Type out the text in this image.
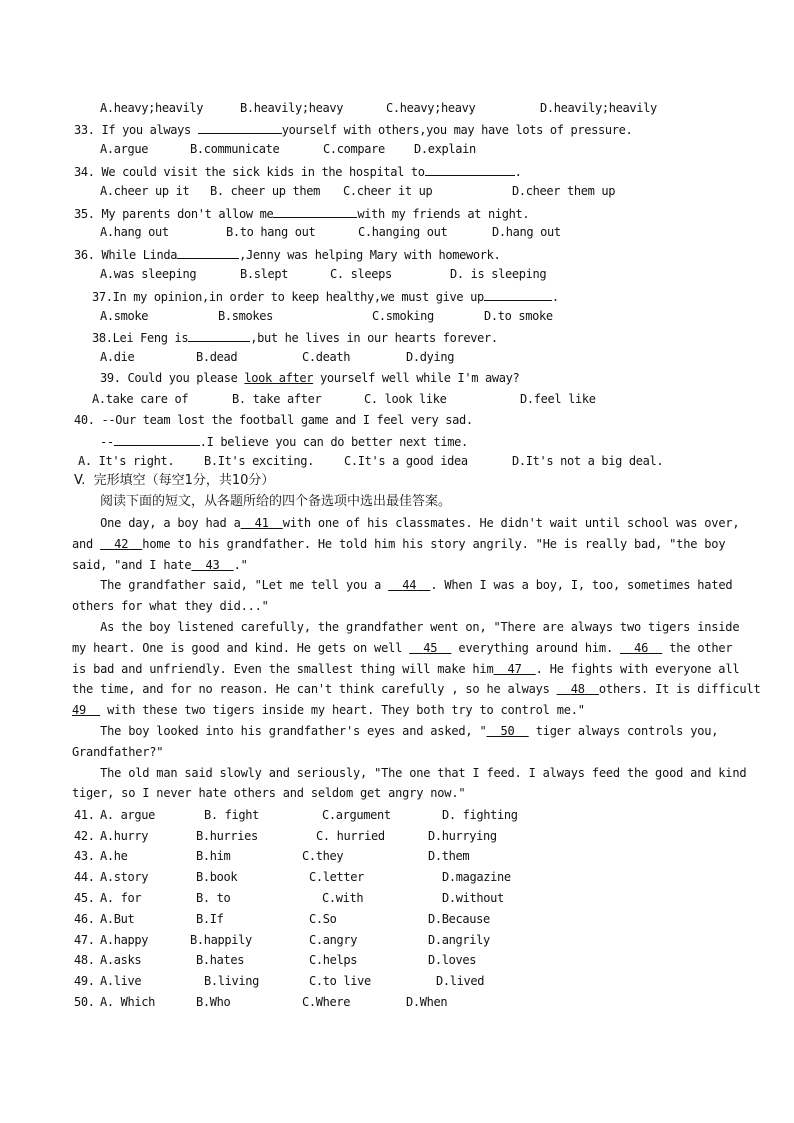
A.heavy;heavily	B.heavily;heavy	C.heavy;heavy	D.heavily;heavily
33. If you always	yourself with others,you may have lots of pressure.
A.argue	B.communicate	C.compare D.explain
34. We could visit the sick kids in the hospital to	.
A.cheer up it B. cheer up them C.cheer it up	D.cheer them up
35. My parents don't allow me	with my friends at night.
A.hang out	B.to hang out	C.hanging out	D.hang out
36. While Linda	,Jenny was helping Mary with homework.
A.was sleeping	B.slept	C. sleeps	D. is sleeping
37.In my opinion,in order to keep healthy,we must give up	.
A.smoke	B.smokes	C.smoking	D.to smoke
38.Lei Feng is	,but he lives in our hearts forever.
A.die	B.dead	C.death	D.dying
39. Could you please look after yourself well while I'm away?
A.take care of	B. take after	C. look like	D.feel like
40. --Our team lost the football game and I feel very sad.
--	.I believe you can do better next time.
A. It's right. B.It's exciting.	C.It's a good idea	D.It's not a big deal.
V.  完形填空（每空1分，共10分）
阅读下面的短文，从各题所给的四个备选项中选出最佳答案。
One day, a boy had a 41 with one of his classmates. He didn't wait until school was over,
and 42 home to his grandfather. He told him his story angrily. "He is really bad, "the boy
said, "and I hate 43 ."
The grandfather said, "Let me tell you a 44 . When I was a boy, I, too, sometimes hated
others for what they did..."
As the boy listened carefully, the grandfather went on, "There are always two tigers inside
my heart. One is good and kind. He gets on well 45 everything around him. 46 the other
is bad and unfriendly. Even the smallest thing will make him 47 . He fights with everyone all
the time, and for no reason. He can't think carefully , so he always 48 others. It is difficult
49 with these two tigers inside my heart. They both try to control me."
The boy looked into his grandfather's eyes and asked, " 50 tiger always controls you,
Grandfather?"
The old man said slowly and seriously, "The one that I feed. I always feed the good and kind
tiger, so I never hate others and seldom get angry now."
41. A. argue	B. fight	C.argument	D. fighting
42. A.hurry	B.hurries	C. hurried	D.hurrying
43. A.he	B.him	C.they	D.them
44. A.story	B.book	C.letter	D.magazine
45. A. for	B. to	C.with	D.without
46. A.But	B.If	C.So	D.Because
47. A.happy	B.happily	C.angry	D.angrily
48. A.asks	B.hates	C.helps	D.loves
49. A.live	B.living	C.to live	D.lived
50. A. Which	B.Who	C.Where	D.When
